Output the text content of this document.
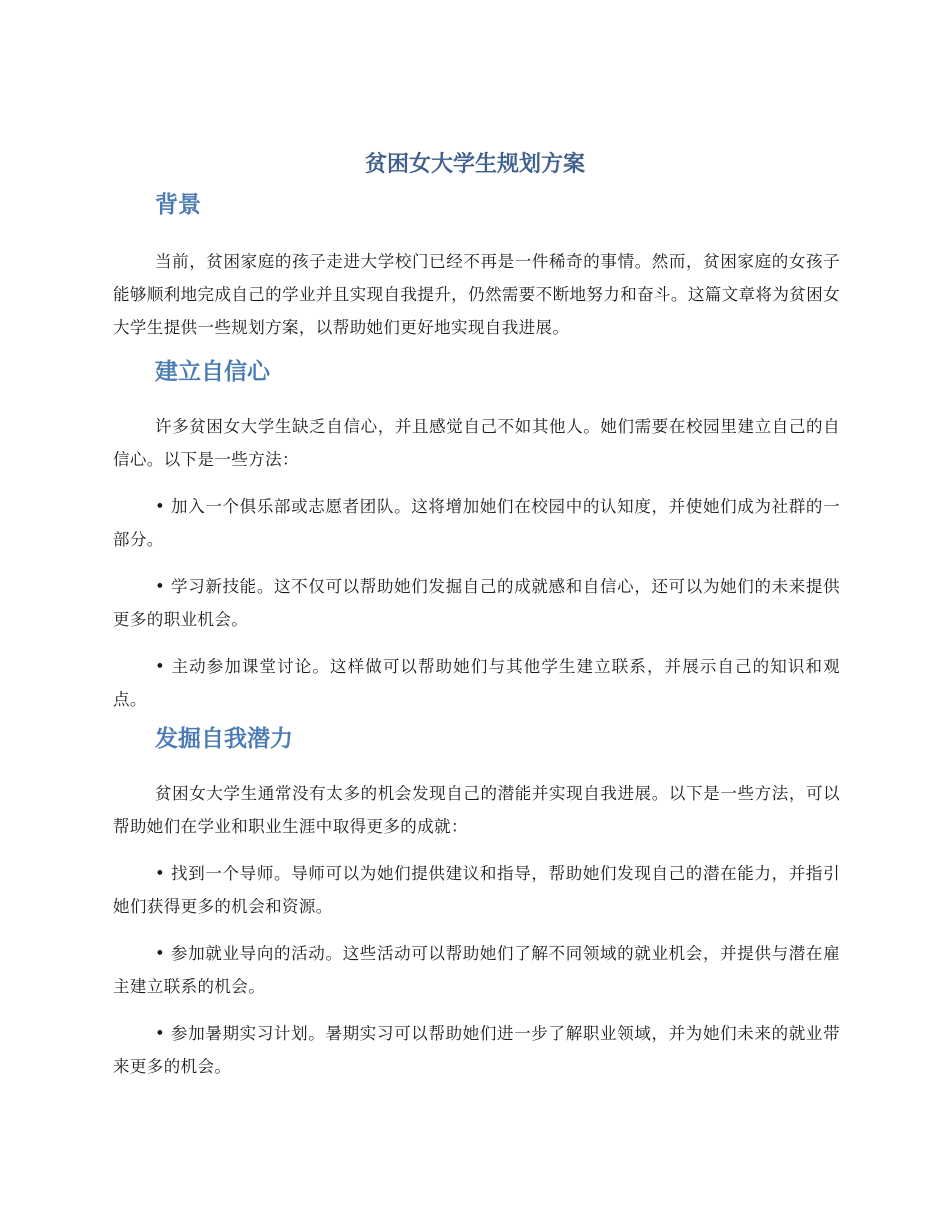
贫困女大学生规划方案
背景

当前，贫困家庭的孩子走进大学校门已经不再是一件稀奇的事情。然而，贫困家庭的女孩子能够顺利地完成自己的学业并且实现自我提升，仍然需要不断地努力和奋斗。这篇文章将为贫困女大学生提供一些规划方案，以帮助她们更好地实现自我进展。

建立自信心

许多贫困女大学生缺乏自信心，并且感觉自己不如其他人。她们需要在校园里建立自己的自信心。以下是一些方法：

• 加入一个俱乐部或志愿者团队。这将增加她们在校园中的认知度，并使她们成为社群的一部分。

• 学习新技能。这不仅可以帮助她们发掘自己的成就感和自信心，还可以为她们的未来提供更多的职业机会。

• 主动参加课堂讨论。这样做可以帮助她们与其他学生建立联系，并展示自己的知识和观点。

发掘自我潜力

贫困女大学生通常没有太多的机会发现自己的潜能并实现自我进展。以下是一些方法，可以帮助她们在学业和职业生涯中取得更多的成就：

• 找到一个导师。导师可以为她们提供建议和指导，帮助她们发现自己的潜在能力，并指引她们获得更多的机会和资源。

• 参加就业导向的活动。这些活动可以帮助她们了解不同领域的就业机会，并提供与潜在雇主建立联系的机会。

• 参加暑期实习计划。暑期实习可以帮助她们进一步了解职业领域，并为她们未来的就业带来更多的机会。
